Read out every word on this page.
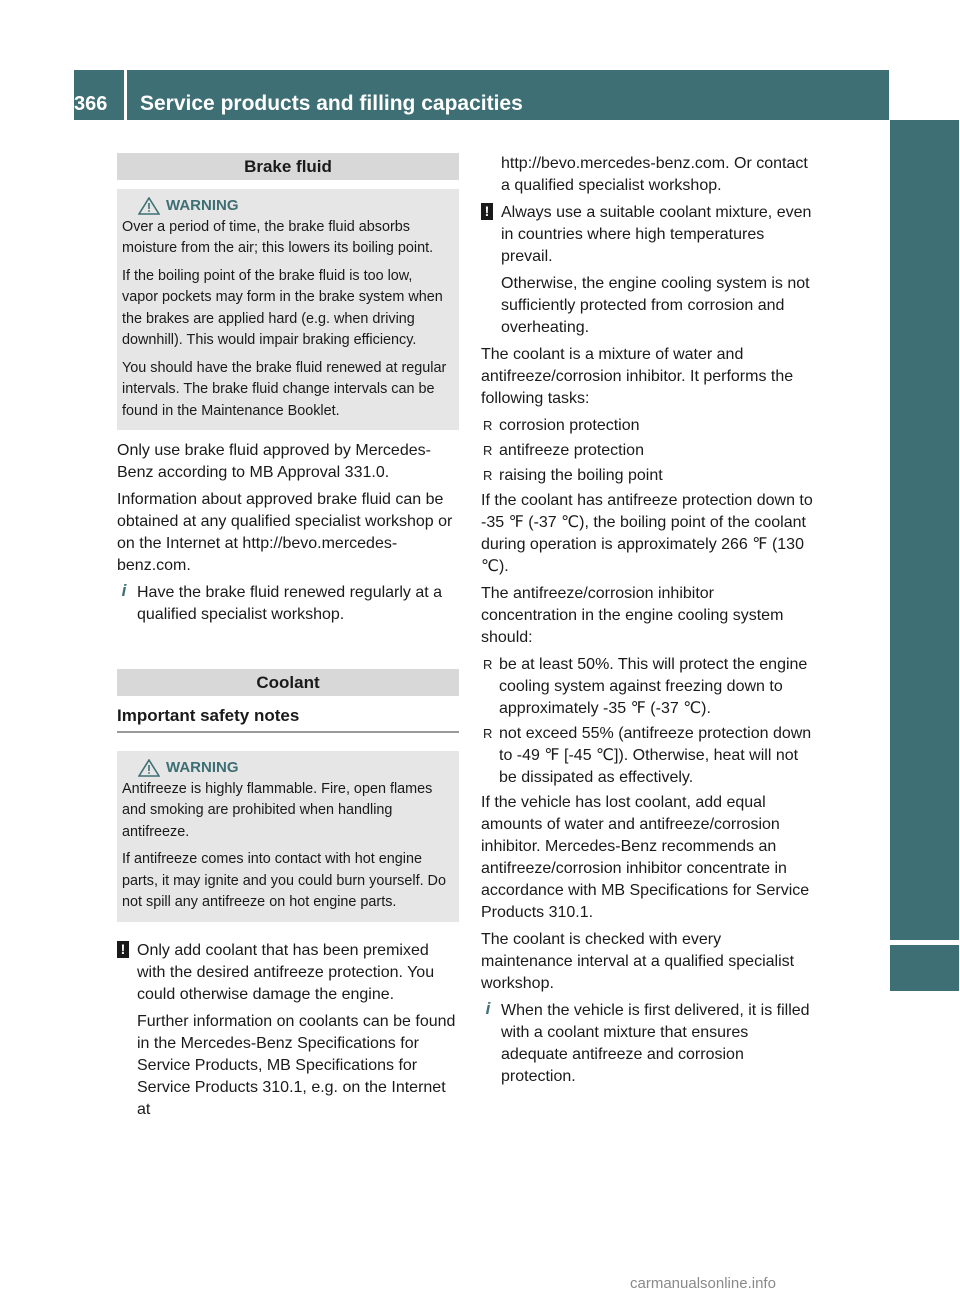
366	Service products and filling capacities
Technical data
Brake fluid
WARNING

Over a period of time, the brake fluid absorbs moisture from the air; this lowers its boiling point.

If the boiling point of the brake fluid is too low, vapor pockets may form in the brake system when the brakes are applied hard (e.g. when driving downhill). This would impair braking efficiency.

You should have the brake fluid renewed at regular intervals. The brake fluid change intervals can be found in the Maintenance Booklet.

Only use brake fluid approved by Mercedes-Benz according to MB Approval 331.0.

Information about approved brake fluid can be obtained at any qualified specialist workshop or on the Internet at http://bevo.mercedes-benz.com.

i Have the brake fluid renewed regularly at a qualified specialist workshop.
Coolant
Important safety notes
WARNING

Antifreeze is highly flammable. Fire, open flames and smoking are prohibited when handling antifreeze.

If antifreeze comes into contact with hot engine parts, it may ignite and you could burn yourself. Do not spill any antifreeze on hot engine parts.

! Only add coolant that has been premixed with the desired antifreeze protection. You could otherwise damage the engine.

Further information on coolants can be found in the Mercedes-Benz Specifications for Service Products, MB Specifications for Service Products 310.1, e.g. on the Internet at

http://bevo.mercedes-benz.com. Or contact a qualified specialist workshop.

! Always use a suitable coolant mixture, even in countries where high temperatures prevail.

Otherwise, the engine cooling system is not sufficiently protected from corrosion and overheating.

The coolant is a mixture of water and antifreeze/corrosion inhibitor. It performs the following tasks:

R corrosion protection
R antifreeze protection
R raising the boiling point

If the coolant has antifreeze protection down to -35 ℉ (-37 ℃), the boiling point of the coolant during operation is approximately 266 ℉ (130 ℃).

The antifreeze/corrosion inhibitor concentration in the engine cooling system should:

R be at least 50%. This will protect the engine cooling system against freezing down to approximately -35 ℉ (-37 ℃).
R not exceed 55% (antifreeze protection down to -49 ℉ [-45 ℃]). Otherwise, heat will not be dissipated as effectively.

If the vehicle has lost coolant, add equal amounts of water and antifreeze/corrosion inhibitor. Mercedes-Benz recommends an antifreeze/corrosion inhibitor concentrate in accordance with MB Specifications for Service Products 310.1.

The coolant is checked with every maintenance interval at a qualified specialist workshop.

i When the vehicle is first delivered, it is filled with a coolant mixture that ensures adequate antifreeze and corrosion protection.
carmanualsonline.info
